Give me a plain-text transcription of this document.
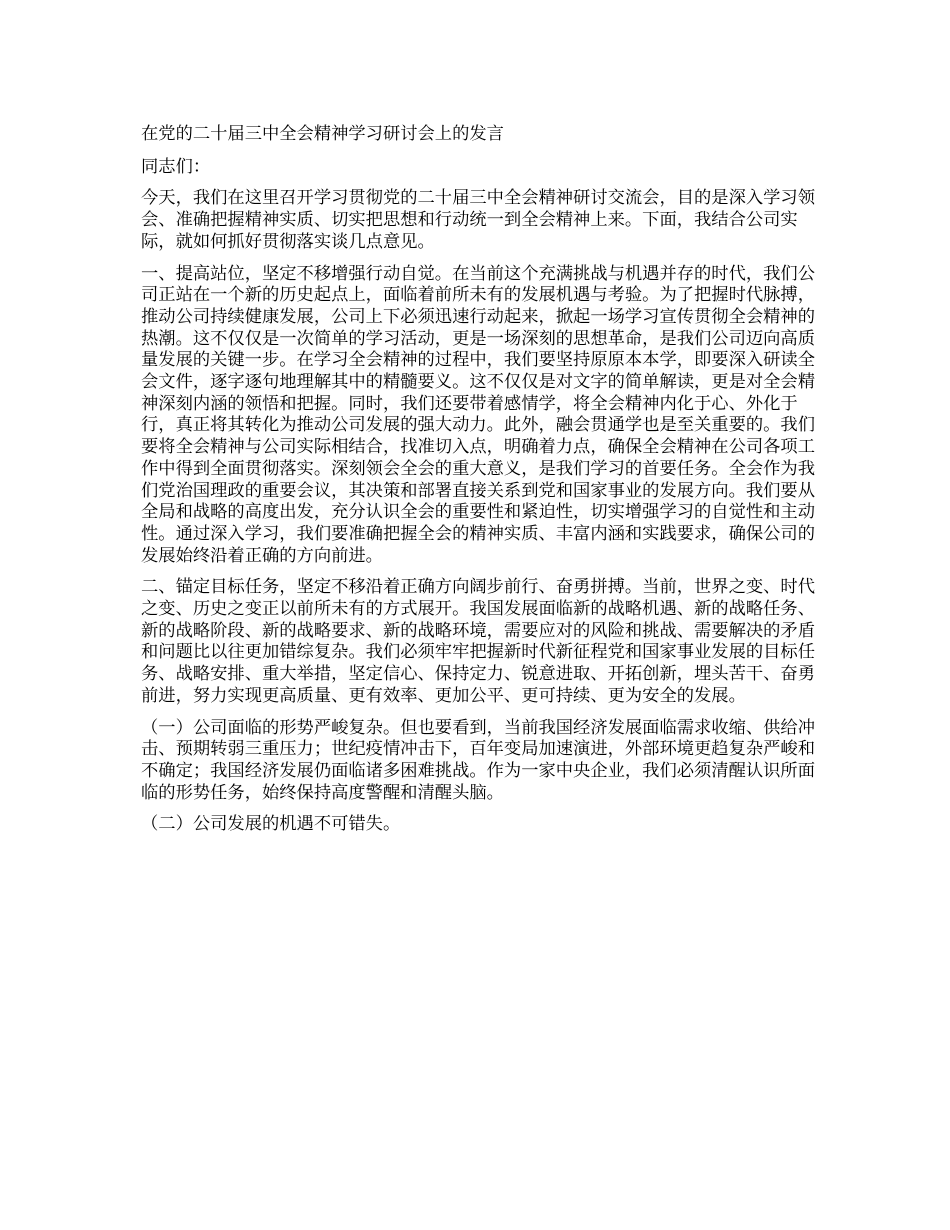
在党的二十届三中全会精神学习研讨会上的发言

同志们：

今天，我们在这里召开学习贯彻党的二十届三中全会精神研讨交流会，目的是深入学习领会、准确把握精神实质、切实把思想和行动统一到全会精神上来。下面，我结合公司实际，就如何抓好贯彻落实谈几点意见。

一、提高站位，坚定不移增强行动自觉。在当前这个充满挑战与机遇并存的时代，我们公司正站在一个新的历史起点上，面临着前所未有的发展机遇与考验。为了把握时代脉搏，推动公司持续健康发展，公司上下必须迅速行动起来，掀起一场学习宣传贯彻全会精神的热潮。这不仅仅是一次简单的学习活动，更是一场深刻的思想革命，是我们公司迈向高质量发展的关键一步。在学习全会精神的过程中，我们要坚持原原本本学，即要深入研读全会文件，逐字逐句地理解其中的精髓要义。这不仅仅是对文字的简单解读，更是对全会精神深刻内涵的领悟和把握。同时，我们还要带着感情学，将全会精神内化于心、外化于行，真正将其转化为推动公司发展的强大动力。此外，融会贯通学也是至关重要的。我们要将全会精神与公司实际相结合，找准切入点，明确着力点，确保全会精神在公司各项工作中得到全面贯彻落实。深刻领会全会的重大意义，是我们学习的首要任务。全会作为我们党治国理政的重要会议，其决策和部署直接关系到党和国家事业的发展方向。我们要从全局和战略的高度出发，充分认识全会的重要性和紧迫性，切实增强学习的自觉性和主动性。通过深入学习，我们要准确把握全会的精神实质、丰富内涵和实践要求，确保公司的发展始终沿着正确的方向前进。

二、锚定目标任务，坚定不移沿着正确方向阔步前行、奋勇拼搏。当前，世界之变、时代之变、历史之变正以前所未有的方式展开。我国发展面临新的战略机遇、新的战略任务、新的战略阶段、新的战略要求、新的战略环境，需要应对的风险和挑战、需要解决的矛盾和问题比以往更加错综复杂。我们必须牢牢把握新时代新征程党和国家事业发展的目标任务、战略安排、重大举措，坚定信心、保持定力、锐意进取、开拓创新，埋头苦干、奋勇前进，努力实现更高质量、更有效率、更加公平、更可持续、更为安全的发展。

（一）公司面临的形势严峻复杂。但也要看到，当前我国经济发展面临需求收缩、供给冲击、预期转弱三重压力；世纪疫情冲击下，百年变局加速演进，外部环境更趋复杂严峻和不确定；我国经济发展仍面临诸多困难挑战。作为一家中央企业，我们必须清醒认识所面临的形势任务，始终保持高度警醒和清醒头脑。

（二）公司发展的机遇不可错失。
